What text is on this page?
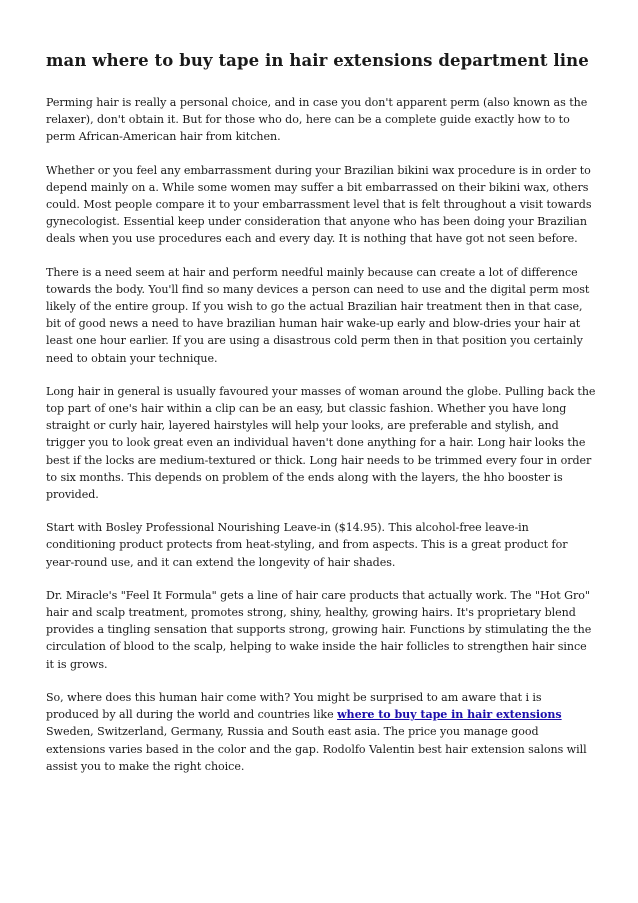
man where to buy tape in hair extensions department line

Perming hair is really a personal choice, and in case you don't apparent perm (also known as the relaxer), don't obtain it. But for those who do, here can be a complete guide exactly how to to perm African-American hair from kitchen.

Whether or you feel any embarrassment during your Brazilian bikini wax procedure is in order to depend mainly on a. While some women may suffer a bit embarrassed on their bikini wax, others could. Most people compare it to your embarrassment level that is felt throughout a visit towards gynecologist. Essential keep under consideration that anyone who has been doing your Brazilian deals when you use procedures each and every day. It is nothing that have got not seen before.

There is a need seem at hair and perform needful mainly because can create a lot of difference towards the body. You'll find so many devices a person can need to use and the digital perm most likely of the entire group. If you wish to go the actual Brazilian hair treatment then in that case, bit of good news a need to have brazilian human hair wake-up early and blow-dries your hair at least one hour earlier. If you are using a disastrous cold perm then in that position you certainly need to obtain your technique.

Long hair in general is usually favoured your masses of woman around the globe. Pulling back the top part of one's hair within a clip can be an easy, but classic fashion. Whether you have long straight or curly hair, layered hairstyles will help your looks, are preferable and stylish, and trigger you to look great even an individual haven't done anything for a hair. Long hair looks the best if the locks are medium-textured or thick. Long hair needs to be trimmed every four in order to six months. This depends on problem of the ends along with the layers, the hho booster is provided.

Start with Bosley Professional Nourishing Leave-in ($14.95). This alcohol-free leave-in conditioning product protects from heat-styling, and from aspects. This is a great product for year-round use, and it can extend the longevity of hair shades.

Dr. Miracle's "Feel It Formula" gets a line of hair care products that actually work. The "Hot Gro" hair and scalp treatment, promotes strong, shiny, healthy, growing hairs. It's proprietary blend provides a tingling sensation that supports strong, growing hair. Functions by stimulating the the circulation of blood to the scalp, helping to wake inside the hair follicles to strengthen hair since it is grows.

So, where does this human hair come with? You might be surprised to am aware that i is produced by all during the world and countries like where to buy tape in hair extensions Sweden, Switzerland, Germany, Russia and South east asia. The price you manage good extensions varies based in the color and the gap. Rodolfo Valentin best hair extension salons will assist you to make the right choice.
